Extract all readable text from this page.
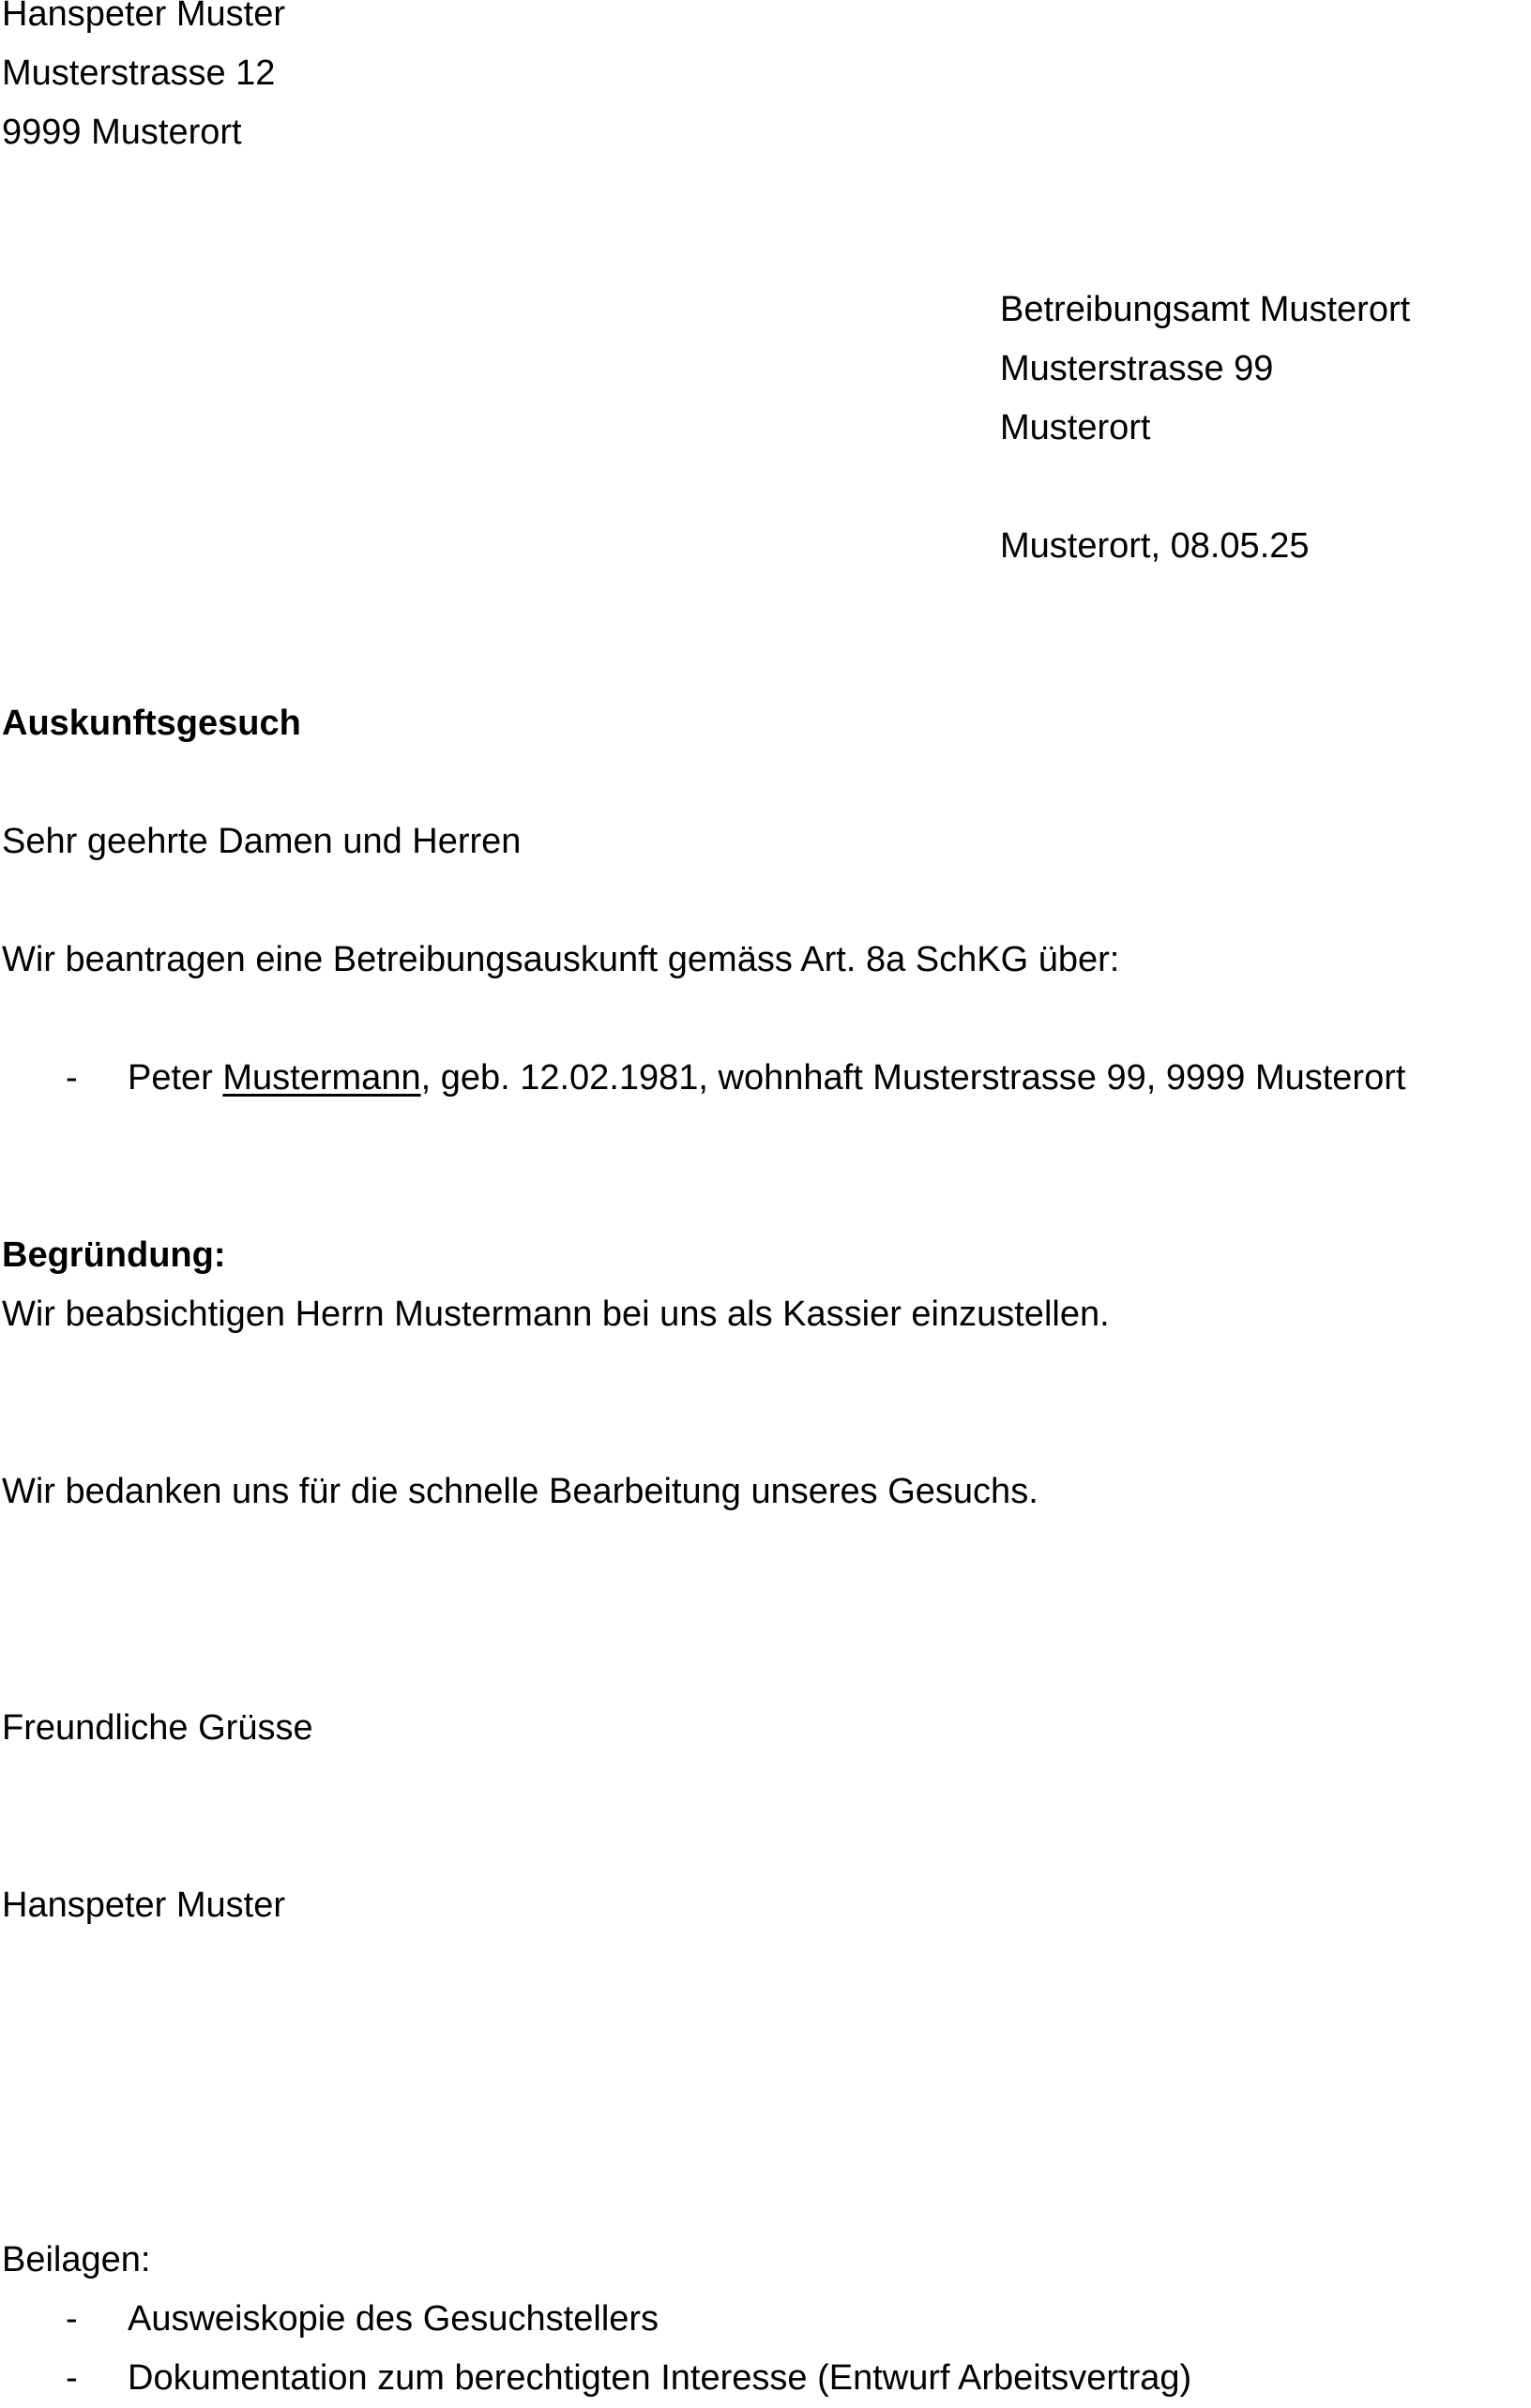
Hanspeter Muster
Musterstrasse 12
9999 Musterort
Betreibungsamt Musterort
Musterstrasse 99
Musterort
Musterort, 08.05.25
Auskunftsgesuch
Sehr geehrte Damen und Herren
Wir beantragen eine Betreibungsauskunft gemäss Art. 8a SchKG über:
- Peter Mustermann, geb. 12.02.1981, wohnhaft Musterstrasse 99, 9999 Musterort
Begründung:
Wir beabsichtigen Herrn Mustermann bei uns als Kassier einzustellen.
Wir bedanken uns für die schnelle Bearbeitung unseres Gesuchs.
Freundliche Grüsse
Hanspeter Muster
Beilagen:
- Ausweiskopie des Gesuchstellers
- Dokumentation zum berechtigten Interesse (Entwurf Arbeitsvertrag)
